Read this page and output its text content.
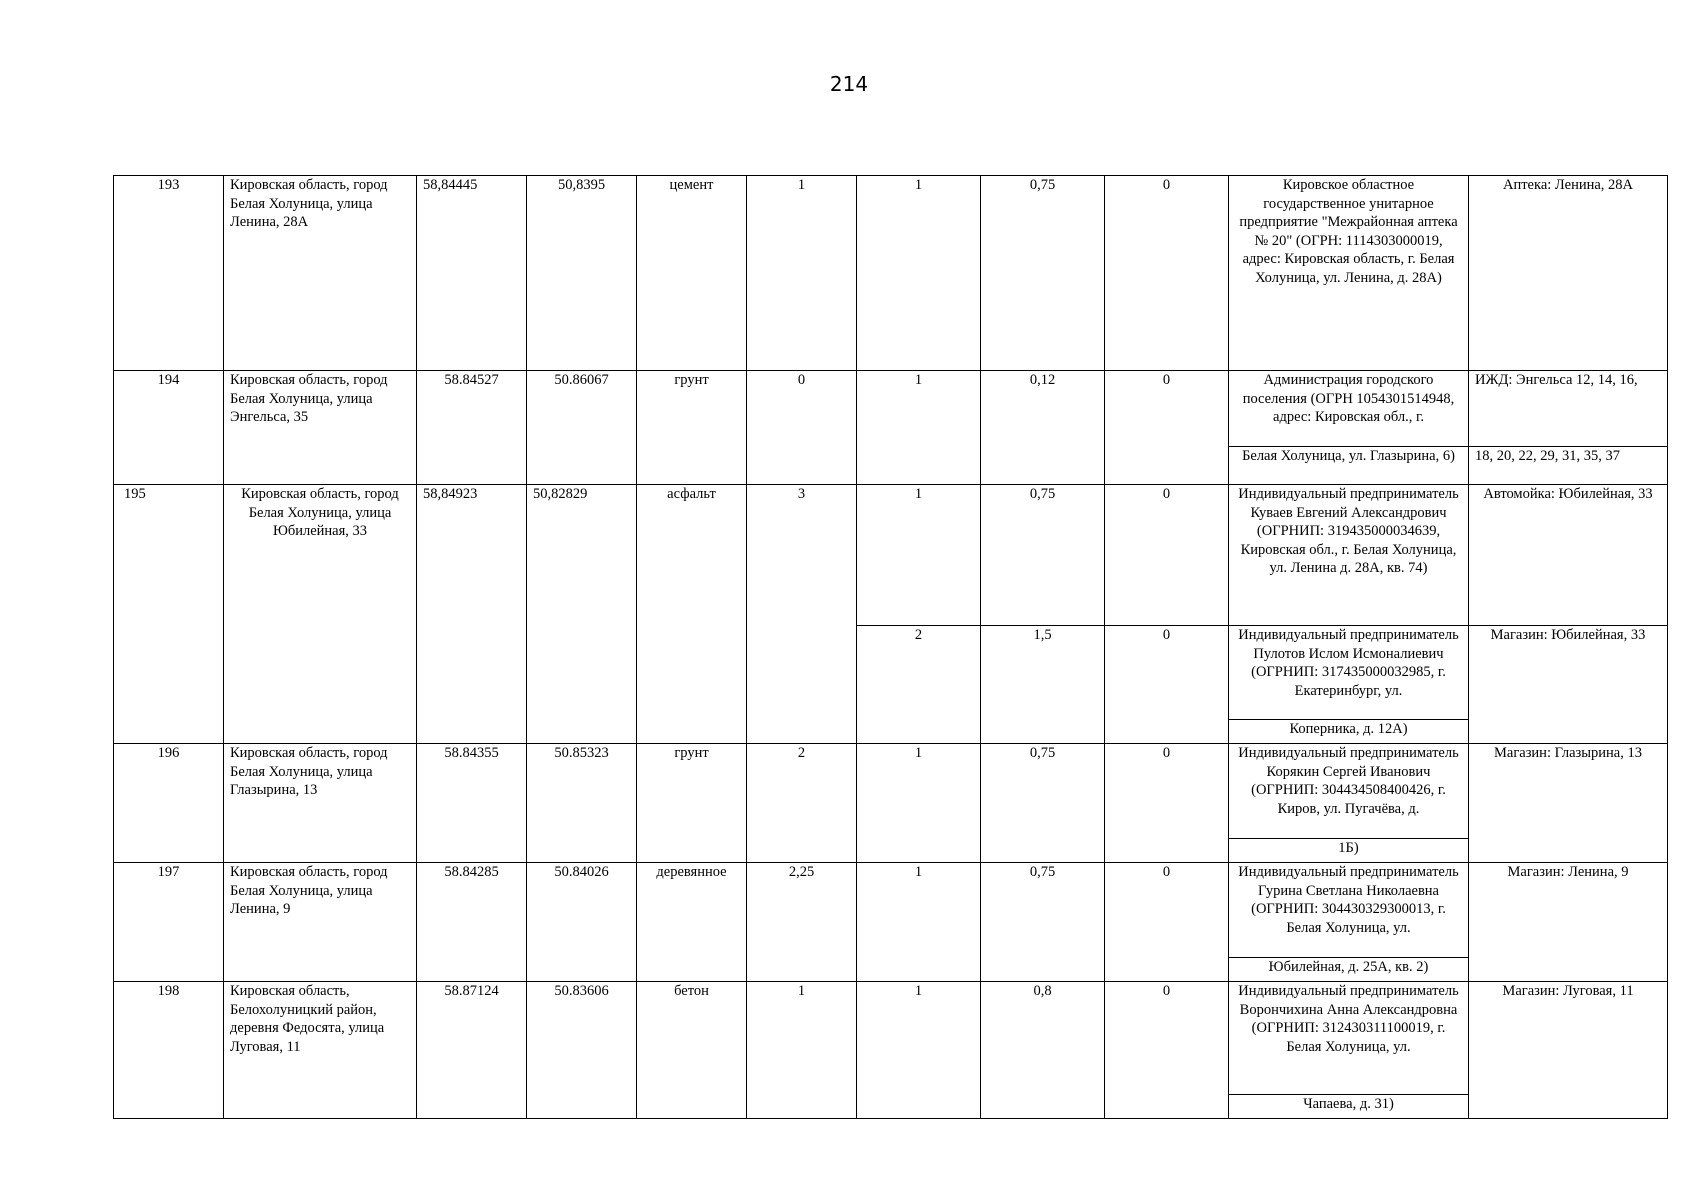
214
193	Кировская область, город Белая Холуница, улица Ленина, 28А	58,84445	50,8395	цемент	1	1	0,75	0	Кировское областное государственное унитарное предприятие "Межрайонная аптека № 20" (ОГРН: 1114303000019, адрес: Кировская область, г. Белая Холуница, ул. Ленина, д. 28А)	Аптека: Ленина, 28А
194	Кировская область, город Белая Холуница, улица Энгельса, 35	58.84527	50.86067	грунт	0	1	0,12	0	Администрация городского поселения (ОГРН 1054301514948, адрес: Кировская обл., г.	ИЖД: Энгельса 12, 14, 16,
									Белая Холуница, ул. Глазырина, 6)	18, 20, 22, 29, 31, 35, 37
195	Кировская область, город Белая Холуница, улица Юбилейная, 33	58,84923	50,82829	асфальт	3	1	0,75	0	Индивидуальный предприниматель Куваев Евгений Александрович (ОГРНИП: 319435000034639, Кировская обл., г. Белая Холуница, ул. Ленина д. 28А, кв. 74)	Автомойка: Юбилейная, 33
						2	1,5	0	Индивидуальный предприниматель Пулотов Ислом Исмоналиевич (ОГРНИП: 317435000032985, г. Екатеринбург, ул.	Магазин: Юбилейная, 33
									Коперника, д. 12А)	
196	Кировская область, город Белая Холуница, улица Глазырина, 13	58.84355	50.85323	грунт	2	1	0,75	0	Индивидуальный предприниматель Корякин Сергей Иванович (ОГРНИП: 304434508400426, г. Киров, ул. Пугачёва, д.	Магазин: Глазырина, 13
									1Б)	
197	Кировская область, город Белая Холуница, улица Ленина, 9	58.84285	50.84026	деревянное	2,25	1	0,75	0	Индивидуальный предприниматель Гурина Светлана Николаевна (ОГРНИП: 304430329300013, г. Белая Холуница, ул.	Магазин: Ленина, 9
									Юбилейная, д. 25А, кв. 2)	
198	Кировская область, Белохолуницкий район, деревня Федосята, улица Луговая, 11	58.87124	50.83606	бетон	1	1	0,8	0	Индивидуальный предприниматель Ворончихина Анна Александровна (ОГРНИП: 312430311100019, г. Белая Холуница, ул.	Магазин: Луговая, 11
									Чапаева, д. 31)	
